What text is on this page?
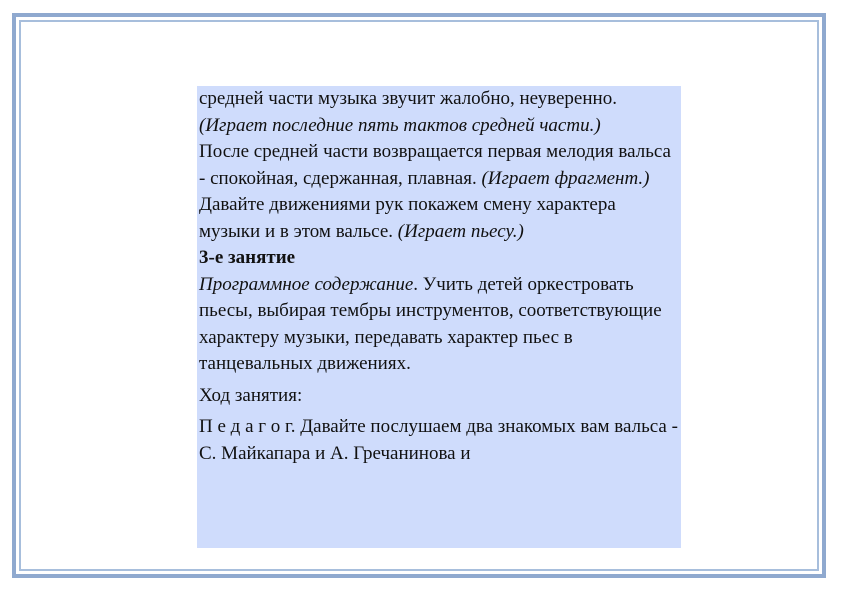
средней части музыка звучит жалобно, неуверенно. (Играет последние пять тактов средней части.)

После средней части возвращается первая мелодия вальса - спокойная, сдержанная, плавная. (Играет фрагмент.) Давайте движениями рук покажем смену характера музыки и в этом вальсе. (Играет пьесу.)

3-е занятие

Программное содержание. Учить детей оркестровать пьесы, выбирая тембры инструментов, соответствующие характеру музыки, передавать характер пьес в танцевальных движениях.

Ход занятия:

П е д а г о г. Давайте послушаем два знакомых вам вальса - С. Майкапара и А. Гречанинова и
